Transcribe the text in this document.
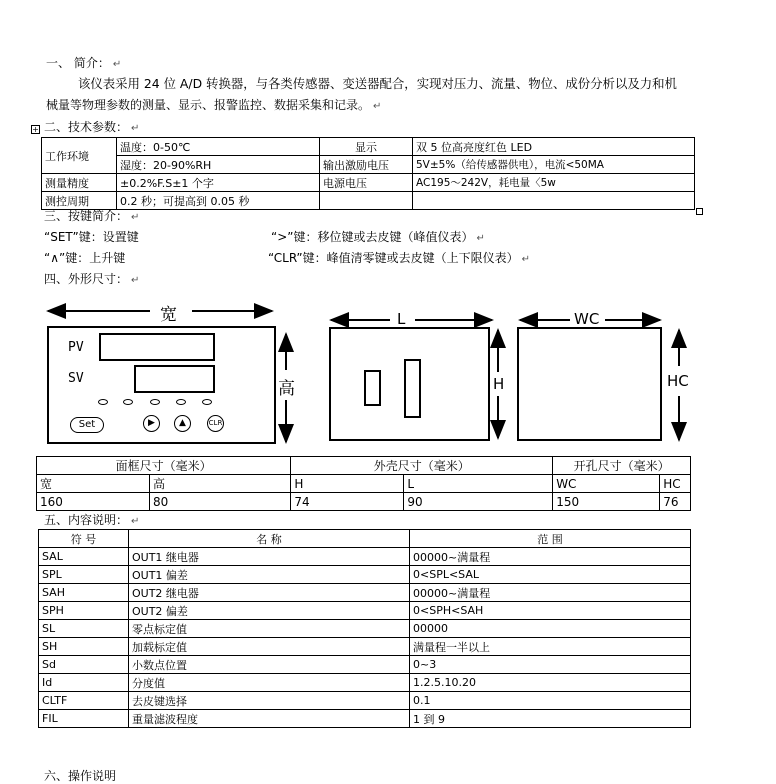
一、 简介： ↵
该仪表采用 24 位 A/D 转换器，与各类传感器、变送器配合，实现对压力、流量、物位、成份分析以及力和机
械量等物理参数的测量、显示、报警监控、数据采集和记录。 ↵
+ 二、技术参数： ↵
工作环境	温度：0-50℃	显示	双 5 位高亮度红色 LED
	湿度：20-90%RH	输出激励电压	5V±5%（给传感器供电），电流<50MA
测量精度	±0.2%F.S±1 个字	电源电压	AC195～242V，耗电量〈5w
测控周期	0.2 秒；可提高到 0.05 秒		
三、按键简介： ↵
“SET”键：设置键	“>”键：移位键或去皮键（峰值仪表） ↵
“∧”键：上升键	“CLR”键：峰值清零键或去皮键（上下限仪表） ↵
四、外形尺寸： ↵
宽
高
PV
SV
Set	▶	▲	CLR
L
H
WC
HC
面框尺寸（毫米）		外壳尺寸（毫米）		开孔尺寸（毫米）	
宽	高	H	L	WC	HC
160	80	74	90	150	76
五、内容说明： ↵
符 号	名 称	范 围
SAL	OUT1 继电器	00000~满量程
SPL	OUT1 偏差	0<SPL<SAL
SAH	OUT2 继电器	00000~满量程
SPH	OUT2 偏差	0<SPH<SAH
SL	零点标定值	00000
SH	加载标定值	满量程一半以上
Sd	小数点位置	0~3
Id	分度值	1.2.5.10.20
CLTF	去皮键选择	0.1
FIL	重量滤波程度	1 到 9
六、操作说明
